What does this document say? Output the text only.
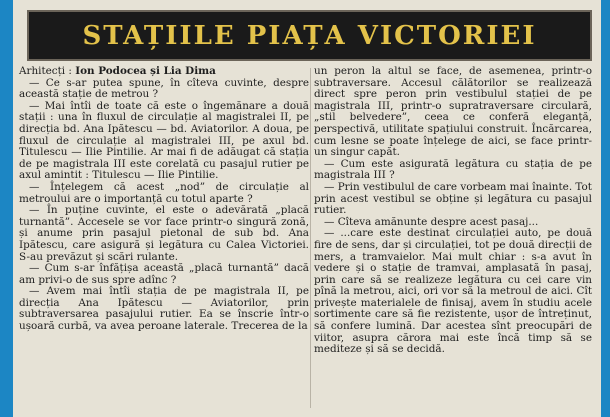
STAȚIILE PIAȚA VICTORIEI

Arhitecți : Ion Podocea și Lia Dima

— Ce s-ar putea spune, în cîteva cuvinte, despre această stație de metrou ?

— Mai întîi de toate că este o îngemănare a două stații : una în fluxul de circulație al magistralei II, pe direcția bd. Ana Ipătescu — bd. Aviatorilor. A doua, pe fluxul de circulație al magistralei III, pe axul bd. Titulescu — Ilie Pintilie. Ar mai fi de adăugat că stația de pe magistrala III este corelată cu pasajul rutier pe axul amintit : Titulescu — Ilie Pintilie.

— Înțelegem că acest „nod” de circulație al metroului are o importanță cu totul aparte ?

— În puține cuvinte, el este o adevărată „placă turnantă”. Accesele se vor face printr-o singură zonă, și anume prin pasajul pietonal de sub bd. Ana Ipătescu, care asigură și legătura cu Calea Victoriei. S-au prevăzut și scări rulante.

— Cum s-ar înfățișa această „placă turnantă” dacă am privi-o de sus spre adînc ?

— Avem mai întîi stația de pe magistrala II, pe direcția Ana Ipătescu — Aviatorilor, prin subtraversarea pasajului rutier. Ea se înscrie într-o ușoară curbă, va avea peroane laterale. Trecerea de la

un peron la altul se face, de asemenea, printr-o subtraversare. Accesul călătorilor se realizează direct spre peron prin vestibulul stației de pe magistrala III, printr-o supratraversare circulară, „stil belvedere”, ceea ce conferă eleganță, perspectivă, utilitate spațiului construit. Încărcarea, cum lesne se poate înțelege de aici, se face printr-un singur capăt.

— Cum este asigurată legătura cu stația de pe magistrala III ?

— Prin vestibulul de care vorbeam mai înainte. Tot prin acest vestibul se obține și legătura cu pasajul rutier.

— Cîteva amănunte despre acest pasaj...

— ...care este destinat circulației auto, pe două fire de sens, dar și circulației, tot pe două direcții de mers, a tramvaielor. Mai mult chiar : s-a avut în vedere și o stație de tramvai, amplasată în pasaj, prin care să se realizeze legătura cu cei care vin pînă la metrou, aici, ori vor să la metroul de aici. Cît privește materialele de finisaj, avem în studiu acele sortimente care să fie rezistente, ușor de întreținut, să confere lumină. Dar acestea sînt preocupări de viitor, asupra cărora mai este încă timp să se mediteze și să se decidă.
